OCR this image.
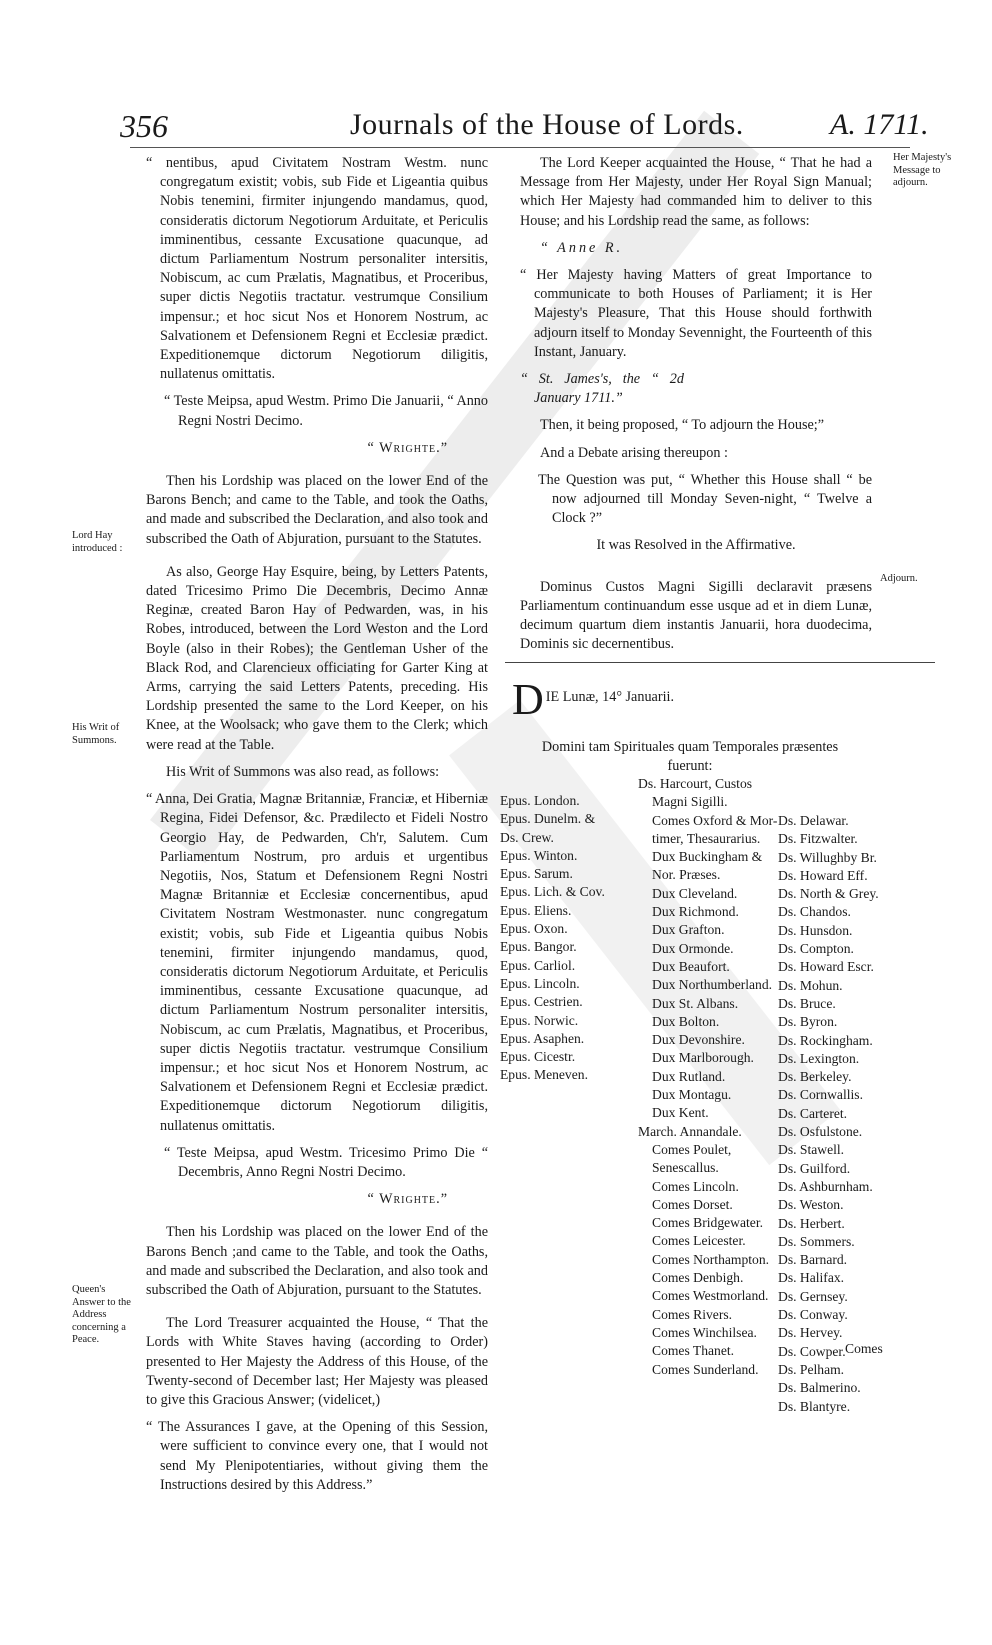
356	Journals of the House of Lords.	A. 1711.
Lord Hay introduced :
His Writ of Summons.
Queen's Answer to the Address concerning a Peace.
Her Majesty's Message to adjourn.
Adjourn.

“ nentibus, apud Civitatem Nostram Westm. nunc congregatum existit; vobis, sub Fide et Ligeantia quibus Nobis tenemini, firmiter injungendo mandamus, quod, consideratis dictorum Negotiorum Arduitate, et Periculis imminentibus, cessante Excusatione quacunque, ad dictum Parliamentum Nostrum personaliter intersitis, Nobiscum, ac cum Prælatis, Magnatibus, et Proceribus, super dictis Negotiis tractatur. vestrumque Consilium impensur.; et hoc sicut Nos et Honorem Nostrum, ac Salvationem et Defensionem Regni et Ecclesiæ prædict. Expeditionemque dictorum Negotiorum diligitis, nullatenus omittatis.

“ Teste Meipsa, apud Westm. Primo Die Januarii, “ Anno Regni Nostri Decimo.

“ Wrighte.”

Then his Lordship was placed on the lower End of the Barons Bench; and came to the Table, and took the Oaths, and made and subscribed the Declaration, and also took and subscribed the Oath of Abjuration, pursuant to the Statutes.

As also, George Hay Esquire, being, by Letters Patents, dated Tricesimo Primo Die Decembris, Decimo Annæ Reginæ, created Baron Hay of Pedwarden, was, in his Robes, introduced, between the Lord Weston and the Lord Boyle (also in their Robes); the Gentleman Usher of the Black Rod, and Clarencieux officiating for Garter King at Arms, carrying the said Letters Patents, preceding. His Lordship presented the same to the Lord Keeper, on his Knee, at the Woolsack; who gave them to the Clerk; which were read at the Table.

His Writ of Summons was also read, as follows:

“ Anna, Dei Gratia, Magnæ Britanniæ, Franciæ, et Hiberniæ Regina, Fidei Defensor, &c. Prædilecto et Fideli Nostro Georgio Hay, de Pedwarden, Ch'r, Salutem. Cum Parliamentum Nostrum, pro arduis et urgentibus Negotiis, Nos, Statum et Defensionem Regni Nostri Magnæ Britanniæ et Ecclesiæ concernentibus, apud Civitatem Nostram Westmonaster. nunc congregatum existit; vobis, sub Fide et Ligeantia quibus Nobis tenemini, firmiter injungendo mandamus, quod, consideratis dictorum Negotiorum Arduitate, et Periculis imminentibus, cessante Excusatione quacunque, ad dictum Parliamentum Nostrum personaliter intersitis, Nobiscum, ac cum Prælatis, Magnatibus, et Proceribus, super dictis Negotiis tractatur. vestrumque Consilium impensur.; et hoc sicut Nos et Honorem Nostrum, ac Salvationem et Defensionem Regni et Ecclesiæ prædict. Expeditionemque dictorum Negotiorum diligitis, nullatenus omittatis.

“ Teste Meipsa, apud Westm. Tricesimo Primo Die “ Decembris, Anno Regni Nostri Decimo.

“ Wrighte.”

Then his Lordship was placed on the lower End of the Barons Bench ;and came to the Table, and took the Oaths, and made and subscribed the Declaration, and also took and subscribed the Oath of Abjuration, pursuant to the Statutes.

The Lord Treasurer acquainted the House, “ That the Lords with White Staves having (according to Order) presented to Her Majesty the Address of this House, of the Twenty-second of December last; Her Majesty was pleased to give this Gracious Answer; (videlicet,)

“ The Assurances I gave, at the Opening of this Session, were sufficient to convince every one, that I would not send My Plenipotentiaries, without giving them the Instructions desired by this Address.”

The Lord Keeper acquainted the House, “ That he had a Message from Her Majesty, under Her Royal Sign Manual; which Her Majesty had commanded him to deliver to this House; and his Lordship read the same, as follows:

“ Anne R.

“ Her Majesty having Matters of great Importance to communicate to both Houses of Parliament; it is Her Majesty's Pleasure, That this House should forthwith adjourn itself to Monday Sevennight, the Fourteenth of this Instant, January.

“ St. James's, the “ 2d January 1711.”

Then, it being proposed, “ To adjourn the House;”

And a Debate arising thereupon :

The Question was put, “ Whether this House shall “ be now adjourned till Monday Seven-night, “ Twelve a Clock ?”

It was Resolved in the Affirmative.

Dominus Custos Magni Sigilli declaravit præsens Parliamentum continuandum esse usque ad et in diem Lunæ, decimum quartum diem instantis Januarii, hora duodecima, Dominis sic decernentibus.

D IE Lunæ, 14° Januarii.
Domini tam Spirituales quam Temporales præsentes fuerunt:
Epus. London.
Epus. Dunelm. &
Ds. Crew.
Epus. Winton.
Epus. Sarum.
Epus. Lich. & Cov.
Epus. Eliens.
Epus. Oxon.
Epus. Bangor.
Epus. Carliol.
Epus. Lincoln.
Epus. Cestrien.
Epus. Norwic.
Epus. Asaphen.
Epus. Cicestr.
Epus. Meneven.
Ds. Harcourt, Custos
Magni Sigilli.
Comes Oxford & Mor-
timer, Thesaurarius.
Dux Buckingham &
Nor. Præses.
Dux Cleveland.
Dux Richmond.
Dux Grafton.
Dux Ormonde.
Dux Beaufort.
Dux Northumberland.
Dux St. Albans.
Dux Bolton.
Dux Devonshire.
Dux Marlborough.
Dux Rutland.
Dux Montagu.
Dux Kent.
March. Annandale.
Comes Poulet,
Senescallus.
Comes Lincoln.
Comes Dorset.
Comes Bridgewater.
Comes Leicester.
Comes Northampton.
Comes Denbigh.
Comes Westmorland.
Comes Rivers.
Comes Winchilsea.
Comes Thanet.
Comes Sunderland.
Ds. Delawar.
Ds. Fitzwalter.
Ds. Willughby Br.
Ds. Howard Eff.
Ds. North & Grey.
Ds. Chandos.
Ds. Hunsdon.
Ds. Compton.
Ds. Howard Escr.
Ds. Mohun.
Ds. Bruce.
Ds. Byron.
Ds. Rockingham.
Ds. Lexington.
Ds. Berkeley.
Ds. Cornwallis.
Ds. Carteret.
Ds. Osfulstone.
Ds. Stawell.
Ds. Guilford.
Ds. Ashburnham.
Ds. Weston.
Ds. Herbert.
Ds. Sommers.
Ds. Barnard.
Ds. Halifax.
Ds. Gernsey.
Ds. Conway.
Ds. Hervey.
Ds. Cowper.
Ds. Pelham.
Ds. Balmerino.
Ds. Blantyre.
Comes
